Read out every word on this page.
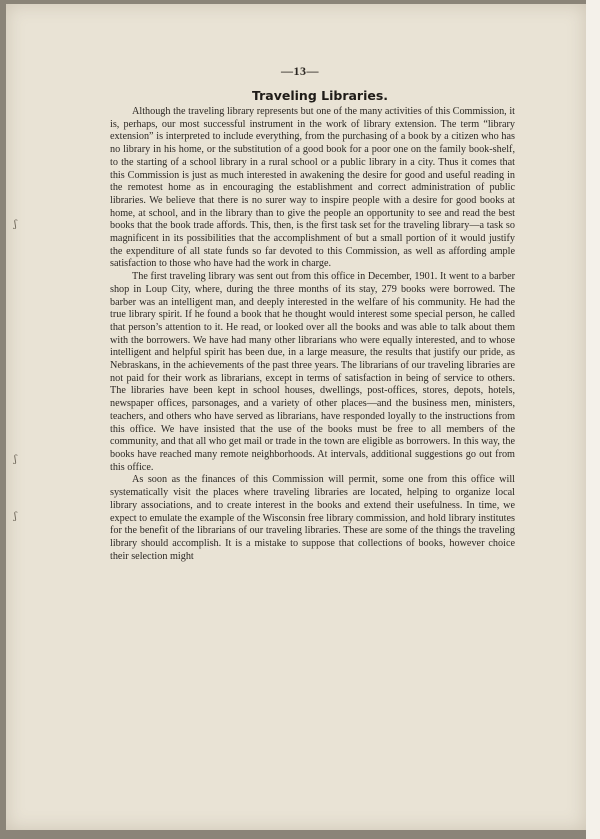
ʃ
ʃ
ʃ
—13—
Traveling Libraries.

Although the traveling library represents but one of the many activities of this Commission, it is, perhaps, our most successful instrument in the work of library extension. The term “library extension” is interpreted to include everything, from the purchasing of a book by a citizen who has no library in his home, or the substitution of a good book for a poor one on the family book-shelf, to the starting of a school library in a rural school or a public library in a city. Thus it comes that this Commission is just as much interested in awakening the desire for good and useful reading in the remotest home as in encouraging the establishment and correct administration of public libraries. We believe that there is no surer way to inspire people with a desire for good books at home, at school, and in the library than to give the people an opportunity to see and read the best books that the book trade affords. This, then, is the first task set for the traveling library—a task so magnificent in its possibilities that the accomplishment of but a small portion of it would justify the expenditure of all state funds so far devoted to this Commission, as well as affording ample satisfaction to those who have had the work in charge.

The first traveling library was sent out from this office in December, 1901. It went to a barber shop in Loup City, where, during the three months of its stay, 279 books were borrowed. The barber was an intelligent man, and deeply interested in the welfare of his community. He had the true library spirit. If he found a book that he thought would interest some special person, he called that person’s attention to it. He read, or looked over all the books and was able to talk about them with the borrowers. We have had many other librarians who were equally interested, and to whose intelligent and helpful spirit has been due, in a large measure, the results that justify our pride, as Nebraskans, in the achievements of the past three years. The librarians of our traveling libraries are not paid for their work as librarians, except in terms of satisfaction in being of service to others. The libraries have been kept in school houses, dwellings, post-offices, stores, depots, hotels, newspaper offices, parsonages, and a variety of other places—and the business men, ministers, teachers, and others who have served as librarians, have responded loyally to the instructions from this office. We have insisted that the use of the books must be free to all members of the community, and that all who get mail or trade in the town are eligible as borrowers. In this way, the books have reached many remote neighborhoods. At intervals, additional suggestions go out from this office.

As soon as the finances of this Commission will permit, some one from this office will systematically visit the places where traveling libraries are located, helping to organize local library associations, and to create interest in the books and extend their usefulness. In time, we expect to emulate the example of the Wisconsin free library commission, and hold library institutes for the benefit of the librarians of our traveling libraries. These are some of the things the traveling library should accomplish. It is a mistake to suppose that collections of books, however choice their selection might
